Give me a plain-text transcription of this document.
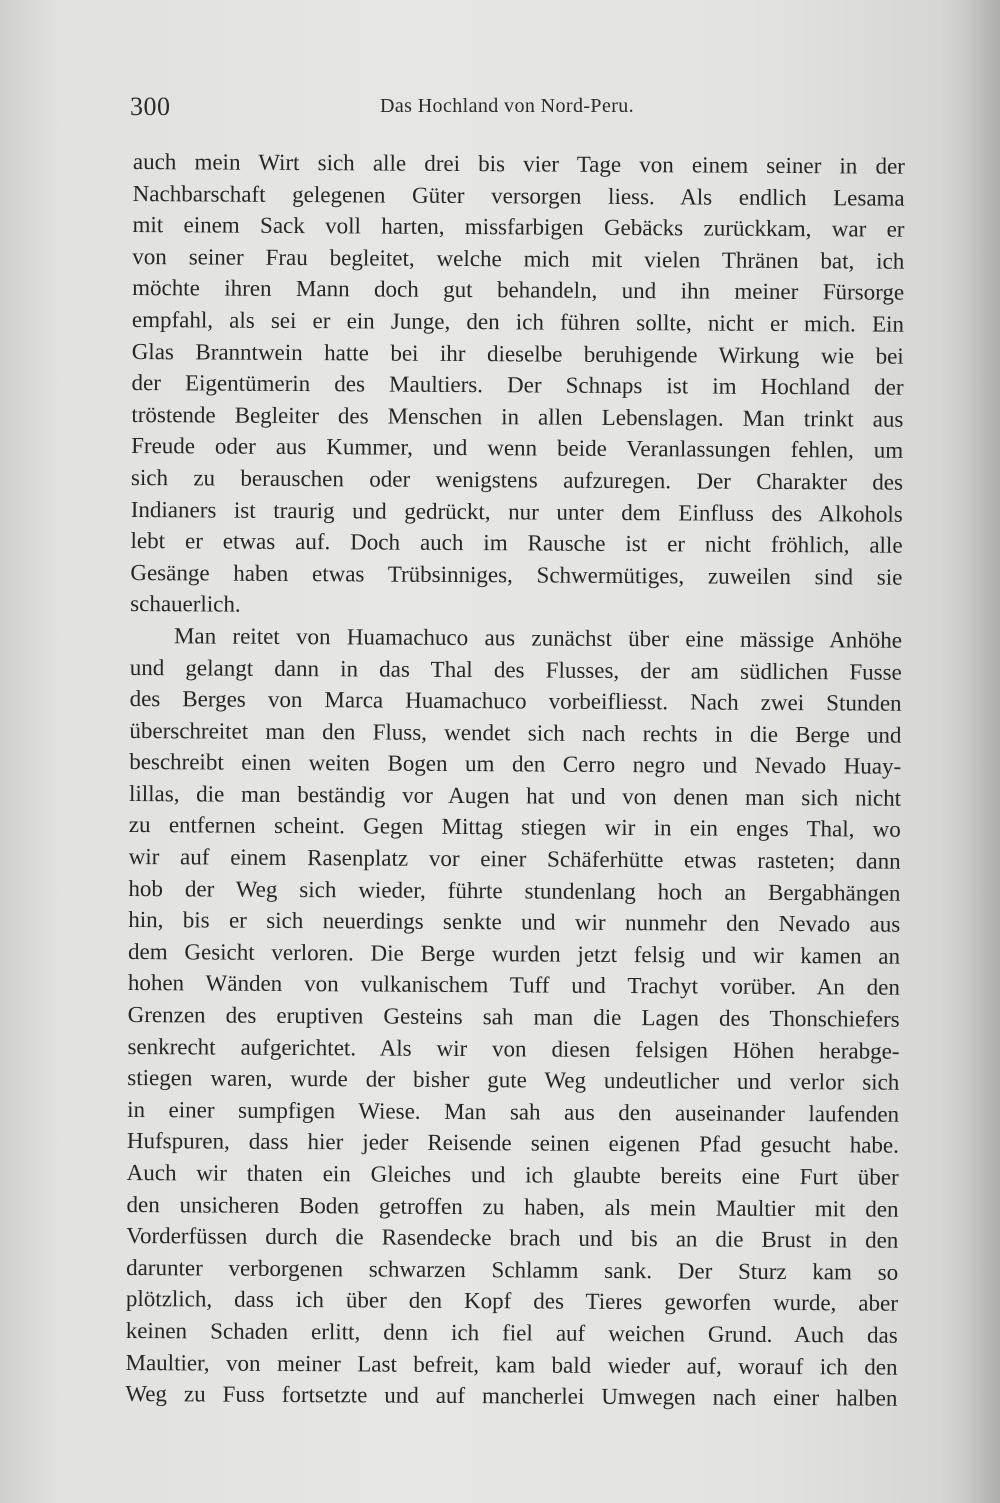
300	Das Hochland von Nord-Peru.

auch mein Wirt sich alle drei bis vier Tage von einem seiner in der
Nachbarschaft gelegenen Güter versorgen liess. Als endlich Lesama
mit einem Sack voll harten, missfarbigen Gebäcks zurückkam, war er
von seiner Frau begleitet, welche mich mit vielen Thränen bat, ich
möchte ihren Mann doch gut behandeln, und ihn meiner Fürsorge
empfahl, als sei er ein Junge, den ich führen sollte, nicht er mich. Ein
Glas Branntwein hatte bei ihr dieselbe beruhigende Wirkung wie bei
der Eigentümerin des Maultiers. Der Schnaps ist im Hochland der
tröstende Begleiter des Menschen in allen Lebenslagen. Man trinkt aus
Freude oder aus Kummer, und wenn beide Veranlassungen fehlen, um
sich zu berauschen oder wenigstens aufzuregen. Der Charakter des
Indianers ist traurig und gedrückt, nur unter dem Einfluss des Alkohols
lebt er etwas auf. Doch auch im Rausche ist er nicht fröhlich, alle
Gesänge haben etwas Trübsinniges, Schwermütiges, zuweilen sind sie
schauerlich.

Man reitet von Huamachuco aus zunächst über eine mässige Anhöhe
und gelangt dann in das Thal des Flusses, der am südlichen Fusse
des Berges von Marca Huamachuco vorbeifliesst. Nach zwei Stunden
überschreitet man den Fluss, wendet sich nach rechts in die Berge und
beschreibt einen weiten Bogen um den Cerro negro und Nevado Huay-
lillas, die man beständig vor Augen hat und von denen man sich nicht
zu entfernen scheint. Gegen Mittag stiegen wir in ein enges Thal, wo
wir auf einem Rasenplatz vor einer Schäferhütte etwas rasteten; dann
hob der Weg sich wieder, führte stundenlang hoch an Bergabhängen
hin, bis er sich neuerdings senkte und wir nunmehr den Nevado aus
dem Gesicht verloren. Die Berge wurden jetzt felsig und wir kamen an
hohen Wänden von vulkanischem Tuff und Trachyt vorüber. An den
Grenzen des eruptiven Gesteins sah man die Lagen des Thonschiefers
senkrecht aufgerichtet. Als wir von diesen felsigen Höhen herabge-
stiegen waren, wurde der bisher gute Weg undeutlicher und verlor sich
in einer sumpfigen Wiese. Man sah aus den auseinander laufenden
Hufspuren, dass hier jeder Reisende seinen eigenen Pfad gesucht habe.
Auch wir thaten ein Gleiches und ich glaubte bereits eine Furt über
den unsicheren Boden getroffen zu haben, als mein Maultier mit den
Vorderfüssen durch die Rasendecke brach und bis an die Brust in den
darunter verborgenen schwarzen Schlamm sank. Der Sturz kam so
plötzlich, dass ich über den Kopf des Tieres geworfen wurde, aber
keinen Schaden erlitt, denn ich fiel auf weichen Grund. Auch das
Maultier, von meiner Last befreit, kam bald wieder auf, worauf ich den
Weg zu Fuss fortsetzte und auf mancherlei Umwegen nach einer halben
